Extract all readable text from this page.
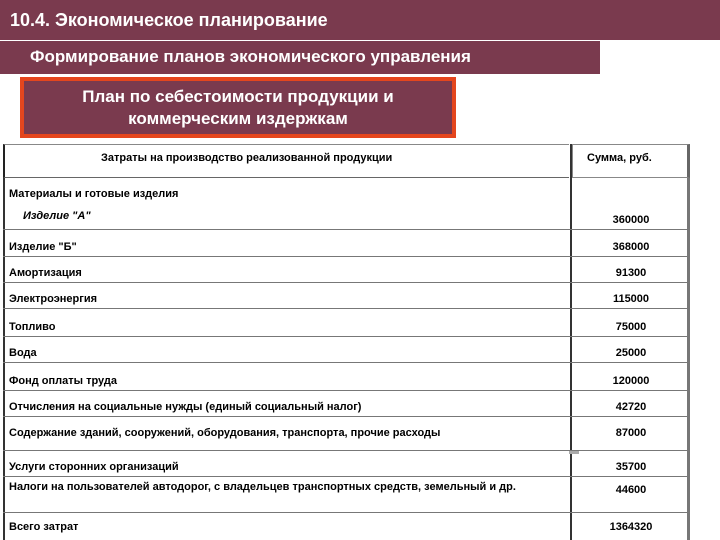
10.4. Экономическое планирование
Формирование планов экономического управления
План по себестоимости продукции и
коммерческим издержкам
Затраты на производство реализованной продукции	Сумма, руб.
Материалы и готовые изделия
Изделие "А"	360000
Изделие "Б"	368000
Амортизация	91300
Электроэнергия	115000
Топливо	75000
Вода	25000
Фонд оплаты труда	120000
Отчисления на социальные нужды (единый социальный налог)	42720
Содержание зданий, сооружений, оборудования, транспорта, прочие расходы	87000
Услуги сторонних организаций	35700
Налоги на пользователей автодорог, с владельцев транспортных средств, земельный и др.	44600
Всего затрат	1364320
